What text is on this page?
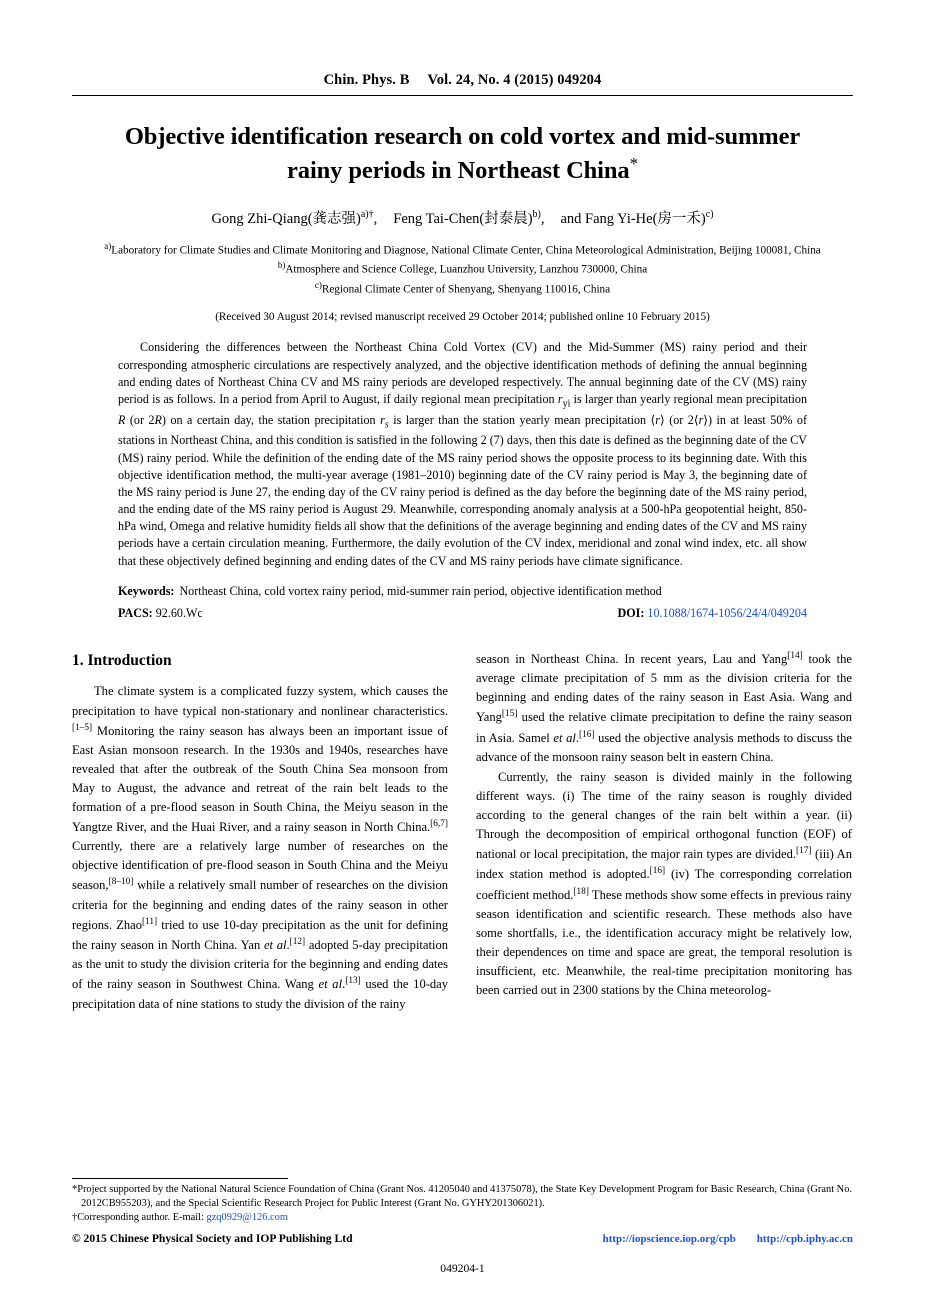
Chin. Phys. B Vol. 24, No. 4 (2015) 049204
Objective identification research on cold vortex and mid-summer
rainy periods in Northeast China*
Gong Zhi-Qiang(龚志强)$^{a)\dagger}$, Feng Tai-Chen(封泰晨)$^{b)}$, and Fang Yi-He(房一禾)$^{c)}$
$^{a)}$Laboratory for Climate Studies and Climate Monitoring and Diagnose, National Climate Center, China Meteorological Administration, Beijing 100081, China
$^{b)}$Atmosphere and Science College, Luanzhou University, Lanzhou 730000, China
$^{c)}$Regional Climate Center of Shenyang, Shenyang 110016, China
(Received 30 August 2014; revised manuscript received 29 October 2014; published online 10 February 2015)
Considering the differences between the Northeast China Cold Vortex (CV) and the Mid-Summer (MS) rainy period and their corresponding atmospheric circulations are respectively analyzed, and the objective identification methods of defining the annual beginning and ending dates of Northeast China CV and MS rainy periods are developed respectively. The annual beginning date of the CV (MS) rainy period is as follows. In a period from April to August, if daily regional mean precipitation $r_{yi}$ is larger than yearly regional mean precipitation R (or 2R) on a certain day, the station precipitation $r_s$ is larger than the station yearly mean precipitation ⟨r⟩ (or 2⟨r⟩) in at least 50% of stations in Northeast China, and this condition is satisfied in the following 2 (7) days, then this date is defined as the beginning date of the CV (MS) rainy period. While the definition of the ending date of the MS rainy period shows the opposite process to its beginning date. With this objective identification method, the multi-year average (1981–2010) beginning date of the CV rainy period is May 3, the beginning date of the MS rainy period is June 27, the ending day of the CV rainy period is defined as the day before the beginning date of the MS rainy period, and the ending date of the MS rainy period is August 29. Meanwhile, corresponding anomaly analysis at a 500-hPa geopotential height, 850-hPa wind, Omega and relative humidity fields all show that the definitions of the average beginning and ending dates of the CV and MS rainy periods have a certain circulation meaning. Furthermore, the daily evolution of the CV index, meridional and zonal wind index, etc. all show that these objectively defined beginning and ending dates of the CV and MS rainy periods have climate significance.
Keywords: Northeast China, cold vortex rainy period, mid-summer rain period, objective identification method
PACS: 92.60.Wc	DOI: 10.1088/1674-1056/24/4/049204
1. Introduction

The climate system is a complicated fuzzy system, which causes the precipitation to have typical non-stationary and nonlinear characteristics.[1–5] Monitoring the rainy season has always been an important issue of East Asian monsoon research. In the 1930s and 1940s, researches have revealed that after the outbreak of the South China Sea monsoon from May to August, the advance and retreat of the rain belt leads to the formation of a pre-flood season in South China, the Meiyu season in the Yangtze River, and the Huai River, and a rainy season in North China.[6,7] Currently, there are a relatively large number of researches on the objective identification of pre-flood season in South China and the Meiyu season,[8–10] while a relatively small number of researches on the division criteria for the beginning and ending dates of the rainy season in other regions. Zhao[11] tried to use 10-day precipitation as the unit for defining the rainy season in North China. Yan et al.[12] adopted 5-day precipitation as the unit to study the division criteria for the beginning and ending dates of the rainy season in Southwest China. Wang et al.[13] used the 10-day precipitation data of nine stations to study the division of the rainy

season in Northeast China. In recent years, Lau and Yang[14] took the average climate precipitation of 5 mm as the division criteria for the beginning and ending dates of the rainy season in East Asia. Wang and Yang[15] used the relative climate precipitation to define the rainy season in Asia. Samel et al.[16] used the objective analysis methods to discuss the advance of the monsoon rainy season belt in eastern China.

Currently, the rainy season is divided mainly in the following different ways. (i) The time of the rainy season is roughly divided according to the general changes of the rain belt within a year. (ii) Through the decomposition of empirical orthogonal function (EOF) of national or local precipitation, the major rain types are divided.[17] (iii) An index station method is adopted.[16] (iv) The corresponding correlation coefficient method.[18] These methods show some effects in previous rainy season identification and scientific research. These methods also have some shortfalls, i.e., the identification accuracy might be relatively low, their dependences on time and space are great, the temporal resolution is insufficient, etc. Meanwhile, the real-time precipitation monitoring has been carried out in 2300 stations by the China meteorolog-

*Project supported by the National Natural Science Foundation of China (Grant Nos. 41205040 and 41375078), the State Key Development Program for Basic Research, China (Grant No. 2012CB955203), and the Special Scientific Research Project for Public Interest (Grant No. GYHY201306021).
†Corresponding author. E-mail: gzq0929@126.com
© 2015 Chinese Physical Society and IOP Publishing Ltd	http://iopscience.iop.org/cpb http://cpb.iphy.ac.cn
049204-1
